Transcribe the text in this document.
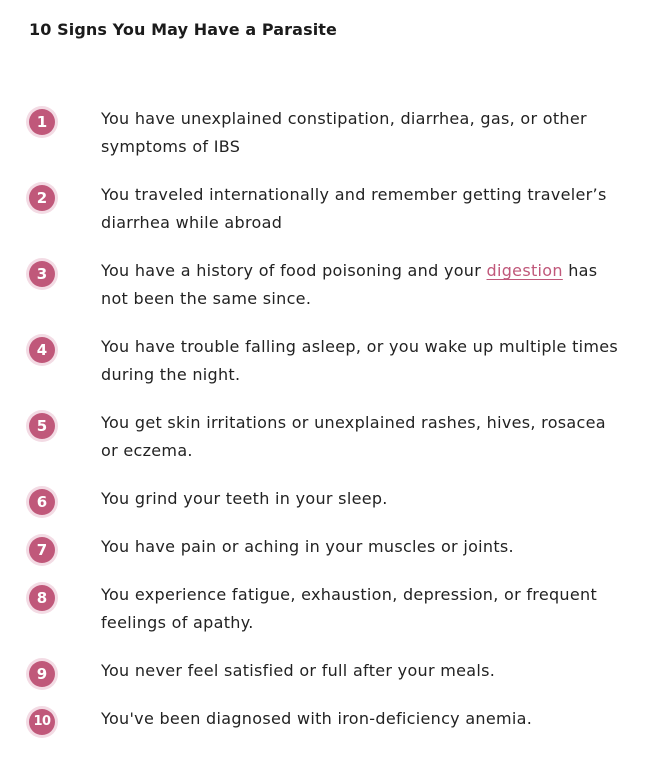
10 Signs You May Have a Parasite
1	You have unexplained constipation, diarrhea, gas, or other symptoms of IBS
2	You traveled internationally and remember getting traveler’s diarrhea while abroad
3	You have a history of food poisoning and your digestion has not been the same since.
4	You have trouble falling asleep, or you wake up multiple times during the night.
5	You get skin irritations or unexplained rashes, hives, rosacea or eczema.
6	You grind your teeth in your sleep.
7	You have pain or aching in your muscles or joints.
8	You experience fatigue, exhaustion, depression, or frequent feelings of apathy.
9	You never feel satisfied or full after your meals.
10	You've been diagnosed with iron-deficiency anemia.
